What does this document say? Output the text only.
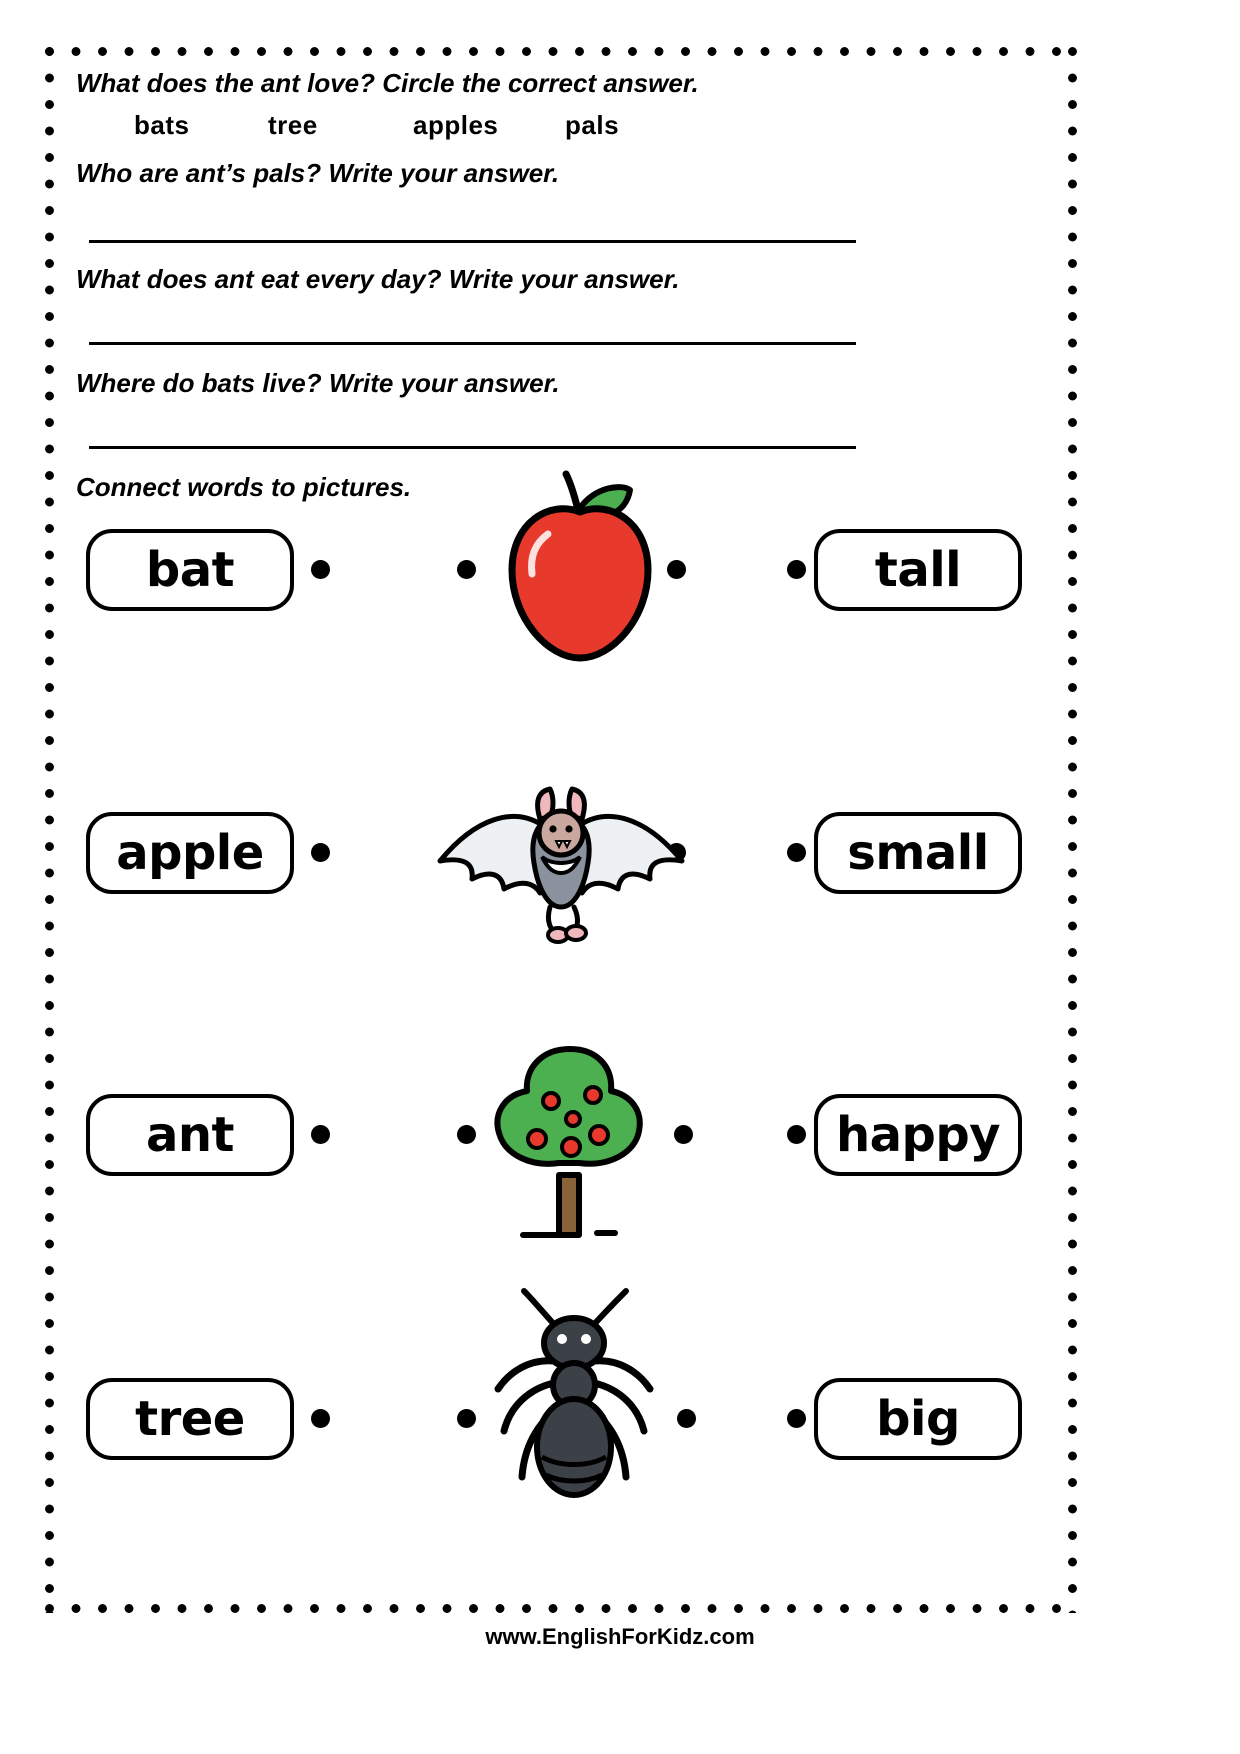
What does the ant love? Circle the correct answer.
bats	tree	apples	pals
Who are ant’s pals? Write your answer.
What does ant eat every day? Write your answer.
Where do bats live? Write your answer.
Connect words to pictures.
bat	tall
apple	small
ant	happy
tree	big
www.EnglishForKidz.com
